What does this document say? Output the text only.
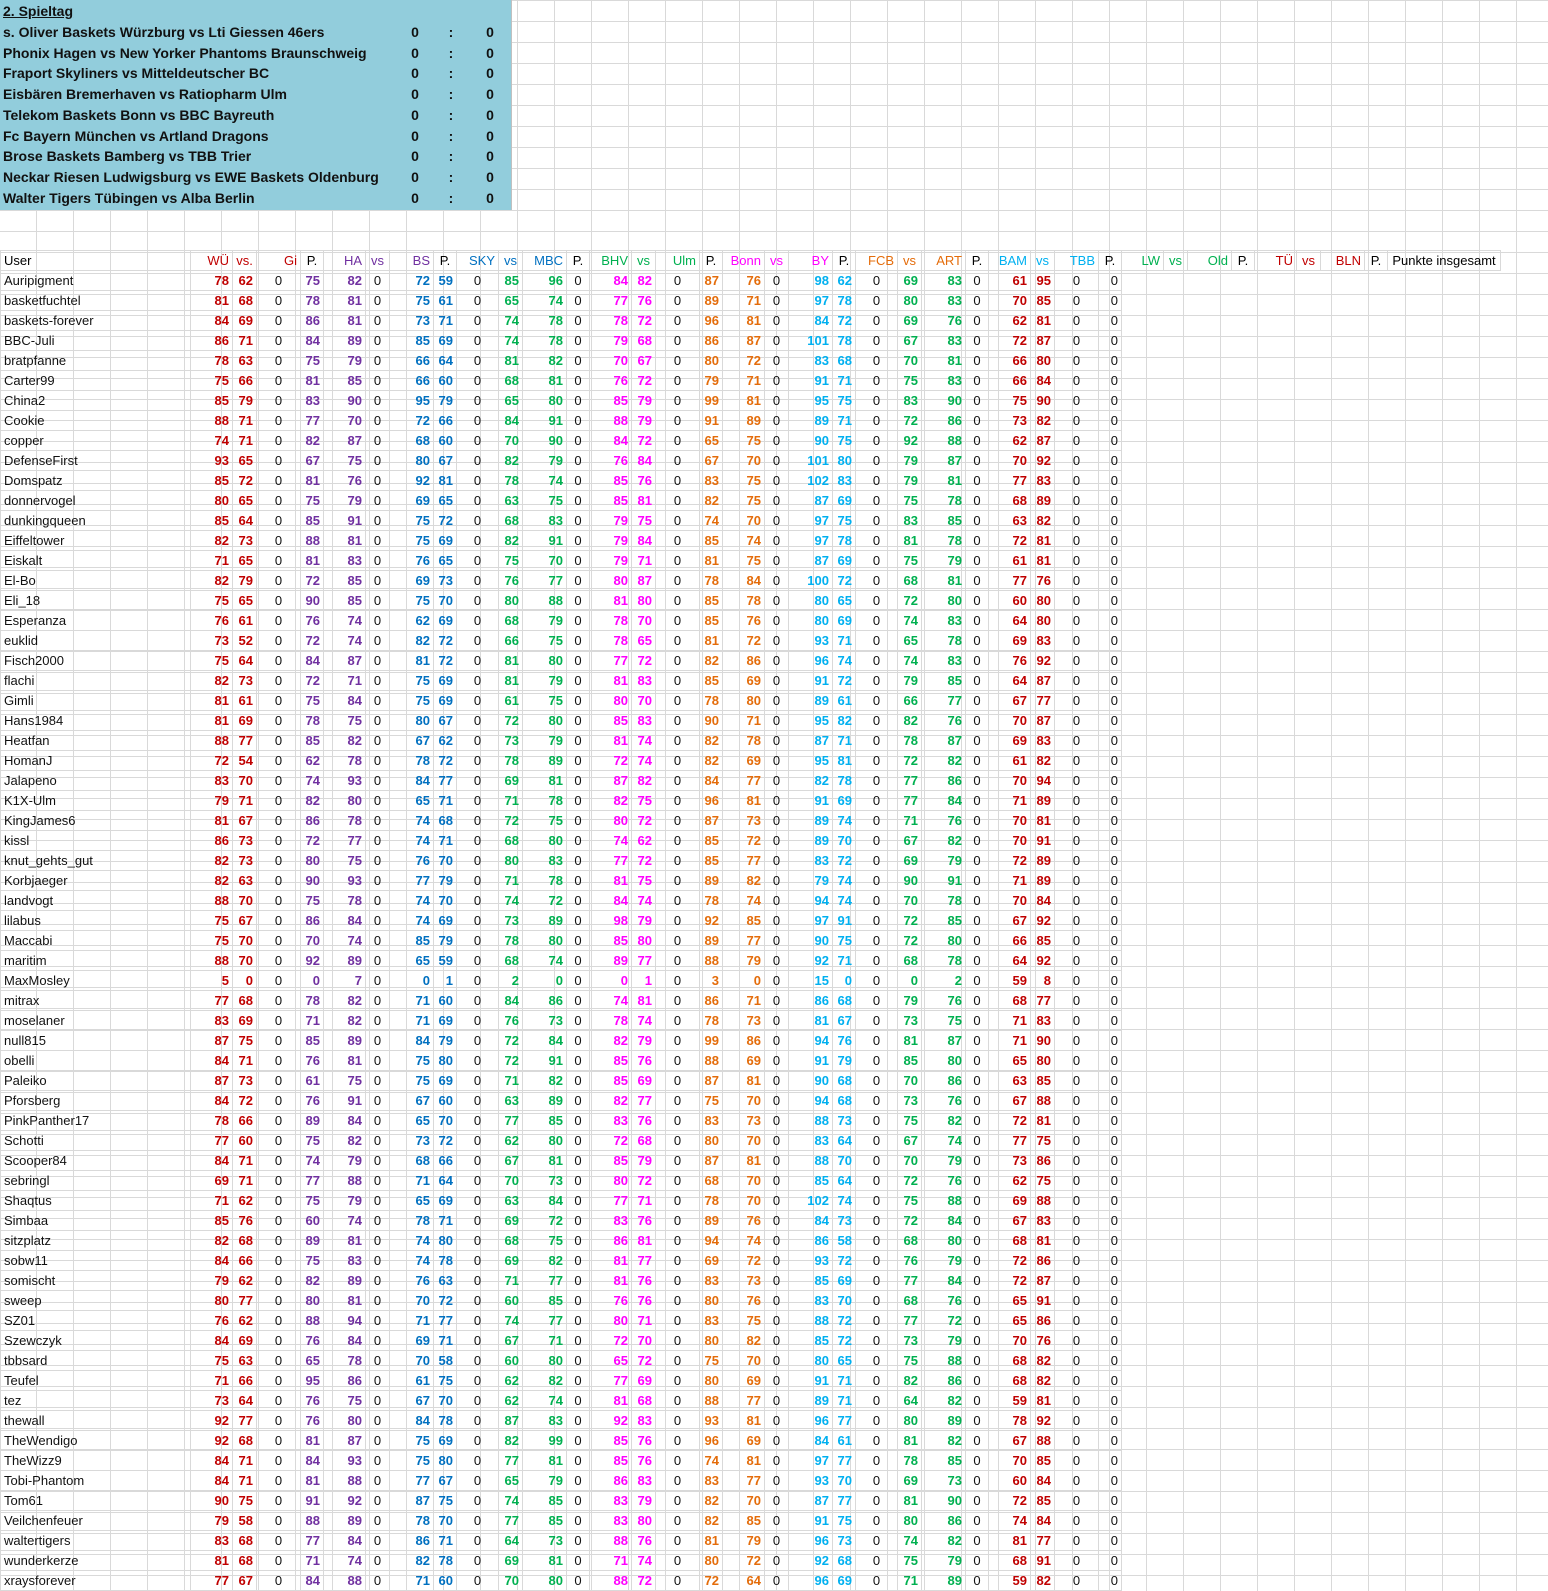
2. Spieltag
s. Oliver Baskets Würzburg vs Lti Giessen 46ers	0	:	0
Phonix Hagen vs New Yorker Phantoms Braunschweig	0	:	0
Fraport Skyliners vs Mitteldeutscher BC	0	:	0
Eisbären Bremerhaven vs Ratiopharm Ulm	0	:	0
Telekom Baskets Bonn vs BBC Bayreuth	0	:	0
Fc Bayern München vs Artland Dragons	0	:	0
Brose Baskets Bamberg vs TBB Trier	0	:	0
Neckar Riesen Ludwigsburg vs EWE Baskets Oldenburg	0	:	0
Walter Tigers Tübingen vs Alba Berlin	0	:	0
User	WÜ	vs.	Gi	P.	HA	vs	BS	P.	SKY	vs	MBC	P.	BHV	vs	Ulm	P.	Bonn	vs	BY	P.	FCB	vs	ART	P.	BAM	vs	TBB	P.	LW	vs	Old	P.	TÜ	vs	BLN	P.	Punkte insgesamt
Auripigment	78	62	0	75	82	0	72	59	0	85	96	0	84	82	0	87	76	0	98	62	0	69	83	0	61	95	0	0									
basketfuchtel	81	68	0	78	81	0	75	61	0	65	74	0	77	76	0	89	71	0	97	78	0	80	83	0	70	85	0	0									
baskets-forever	84	69	0	86	81	0	73	71	0	74	78	0	78	72	0	96	81	0	84	72	0	69	76	0	62	81	0	0									
BBC-Juli	86	71	0	84	89	0	85	69	0	74	78	0	79	68	0	86	87	0	101	78	0	67	83	0	72	87	0	0									
bratpfanne	78	63	0	75	79	0	66	64	0	81	82	0	70	67	0	80	72	0	83	68	0	70	81	0	66	80	0	0									
Carter99	75	66	0	81	85	0	66	60	0	68	81	0	76	72	0	79	71	0	91	71	0	75	83	0	66	84	0	0									
China2	85	79	0	83	90	0	95	79	0	65	80	0	85	79	0	99	81	0	95	75	0	83	90	0	75	90	0	0									
Cookie	88	71	0	77	70	0	72	66	0	84	91	0	88	79	0	91	89	0	89	71	0	72	86	0	73	82	0	0									
copper	74	71	0	82	87	0	68	60	0	70	90	0	84	72	0	65	75	0	90	75	0	92	88	0	62	87	0	0									
DefenseFirst	93	65	0	67	75	0	80	67	0	82	79	0	76	84	0	67	70	0	101	80	0	79	87	0	70	92	0	0									
Domspatz	85	72	0	81	76	0	92	81	0	78	74	0	85	76	0	83	75	0	102	83	0	79	81	0	77	83	0	0									
donnervogel	80	65	0	75	79	0	69	65	0	63	75	0	85	81	0	82	75	0	87	69	0	75	78	0	68	89	0	0									
dunkingqueen	85	64	0	85	91	0	75	72	0	68	83	0	79	75	0	74	70	0	97	75	0	83	85	0	63	82	0	0									
Eiffeltower	82	73	0	88	81	0	75	69	0	82	91	0	79	84	0	85	74	0	97	78	0	81	78	0	72	81	0	0									
Eiskalt	71	65	0	81	83	0	76	65	0	75	70	0	79	71	0	81	75	0	87	69	0	75	79	0	61	81	0	0									
El-Bo	82	79	0	72	85	0	69	73	0	76	77	0	80	87	0	78	84	0	100	72	0	68	81	0	77	76	0	0									
Eli_18	75	65	0	90	85	0	75	70	0	80	88	0	81	80	0	85	78	0	80	65	0	72	80	0	60	80	0	0									
Esperanza	76	61	0	76	74	0	62	69	0	68	79	0	78	70	0	85	76	0	80	69	0	74	83	0	64	80	0	0									
euklid	73	52	0	72	74	0	82	72	0	66	75	0	78	65	0	81	72	0	93	71	0	65	78	0	69	83	0	0									
Fisch2000	75	64	0	84	87	0	81	72	0	81	80	0	77	72	0	82	86	0	96	74	0	74	83	0	76	92	0	0									
flachi	82	73	0	72	71	0	75	69	0	81	79	0	81	83	0	85	69	0	91	72	0	79	85	0	64	87	0	0									
Gimli	81	61	0	75	84	0	75	69	0	61	75	0	80	70	0	78	80	0	89	61	0	66	77	0	67	77	0	0									
Hans1984	81	69	0	78	75	0	80	67	0	72	80	0	85	83	0	90	71	0	95	82	0	82	76	0	70	87	0	0									
Heatfan	88	77	0	85	82	0	67	62	0	73	79	0	81	74	0	82	78	0	87	71	0	78	87	0	69	83	0	0									
HomanJ	72	54	0	62	78	0	78	72	0	78	89	0	72	74	0	82	69	0	95	81	0	72	82	0	61	82	0	0									
Jalapeno	83	70	0	74	93	0	84	77	0	69	81	0	87	82	0	84	77	0	82	78	0	77	86	0	70	94	0	0									
K1X-Ulm	79	71	0	82	80	0	65	71	0	71	78	0	82	75	0	96	81	0	91	69	0	77	84	0	71	89	0	0									
KingJames6	81	67	0	86	78	0	74	68	0	72	75	0	80	72	0	87	73	0	89	74	0	71	76	0	70	81	0	0									
kissl	86	73	0	72	77	0	74	71	0	68	80	0	74	62	0	85	72	0	89	70	0	67	82	0	70	91	0	0									
knut_gehts_gut	82	73	0	80	75	0	76	70	0	80	83	0	77	72	0	85	77	0	83	72	0	69	79	0	72	89	0	0									
Korbjaeger	82	63	0	90	93	0	77	79	0	71	78	0	81	75	0	89	82	0	79	74	0	90	91	0	71	89	0	0									
landvogt	88	70	0	75	78	0	74	70	0	74	72	0	84	74	0	78	74	0	94	74	0	70	78	0	70	84	0	0									
lilabus	75	67	0	86	84	0	74	69	0	73	89	0	98	79	0	92	85	0	97	91	0	72	85	0	67	92	0	0									
Maccabi	75	70	0	70	74	0	85	79	0	78	80	0	85	80	0	89	77	0	90	75	0	72	80	0	66	85	0	0									
maritim	88	70	0	92	89	0	65	59	0	68	74	0	89	77	0	88	79	0	92	71	0	68	78	0	64	92	0	0									
MaxMosley	5	0	0	0	7	0	0	1	0	2	0	0	0	1	0	3	0	0	15	0	0	0	2	0	59	8	0	0									
mitrax	77	68	0	78	82	0	71	60	0	84	86	0	74	81	0	86	71	0	86	68	0	79	76	0	68	77	0	0									
moselaner	83	69	0	71	82	0	71	69	0	76	73	0	78	74	0	78	73	0	81	67	0	73	75	0	71	83	0	0									
null815	87	75	0	85	89	0	84	79	0	72	84	0	82	79	0	99	86	0	94	76	0	81	87	0	71	90	0	0									
obelli	84	71	0	76	81	0	75	80	0	72	91	0	85	76	0	88	69	0	91	79	0	85	80	0	65	80	0	0									
Paleiko	87	73	0	61	75	0	75	69	0	71	82	0	85	69	0	87	81	0	90	68	0	70	86	0	63	85	0	0									
Pforsberg	84	72	0	76	91	0	67	60	0	63	89	0	82	77	0	75	70	0	94	68	0	73	76	0	67	88	0	0									
PinkPanther17	78	66	0	89	84	0	65	70	0	77	85	0	83	76	0	83	73	0	88	73	0	75	82	0	72	81	0	0									
Schotti	77	60	0	75	82	0	73	72	0	62	80	0	72	68	0	80	70	0	83	64	0	67	74	0	77	75	0	0									
Scooper84	84	71	0	74	79	0	68	66	0	67	81	0	85	79	0	87	81	0	88	70	0	70	79	0	73	86	0	0									
sebringl	69	71	0	77	88	0	71	64	0	70	73	0	80	72	0	68	70	0	85	64	0	72	76	0	62	75	0	0									
Shaqtus	71	62	0	75	79	0	65	69	0	63	84	0	77	71	0	78	70	0	102	74	0	75	88	0	69	88	0	0									
Simbaa	85	76	0	60	74	0	78	71	0	69	72	0	83	76	0	89	76	0	84	73	0	72	84	0	67	83	0	0									
sitzplatz	82	68	0	89	81	0	74	80	0	68	75	0	86	81	0	94	74	0	86	58	0	68	80	0	68	81	0	0									
sobw11	84	66	0	75	83	0	74	78	0	69	82	0	81	77	0	69	72	0	93	72	0	76	79	0	72	86	0	0									
somischt	79	62	0	82	89	0	76	63	0	71	77	0	81	76	0	83	73	0	85	69	0	77	84	0	72	87	0	0									
sweep	80	77	0	80	81	0	70	72	0	60	85	0	76	76	0	80	76	0	83	70	0	68	76	0	65	91	0	0									
SZ01	76	62	0	88	94	0	71	77	0	74	77	0	80	71	0	83	75	0	88	72	0	77	72	0	65	86	0	0									
Szewczyk	84	69	0	76	84	0	69	71	0	67	71	0	72	70	0	80	82	0	85	72	0	73	79	0	70	76	0	0									
tbbsard	75	63	0	65	78	0	70	58	0	60	80	0	65	72	0	75	70	0	80	65	0	75	88	0	68	82	0	0									
Teufel	71	66	0	95	86	0	61	75	0	62	82	0	77	69	0	80	69	0	91	71	0	82	86	0	68	82	0	0									
tez	73	64	0	76	75	0	67	70	0	62	74	0	81	68	0	88	77	0	89	71	0	64	82	0	59	81	0	0									
thewall	92	77	0	76	80	0	84	78	0	87	83	0	92	83	0	93	81	0	96	77	0	80	89	0	78	92	0	0									
TheWendigo	92	68	0	81	87	0	75	69	0	82	99	0	85	76	0	96	69	0	84	61	0	81	82	0	67	88	0	0									
TheWizz9	84	71	0	84	93	0	75	80	0	77	81	0	85	76	0	74	81	0	97	77	0	78	85	0	70	85	0	0									
Tobi-Phantom	84	71	0	81	88	0	77	67	0	65	79	0	86	83	0	83	77	0	93	70	0	69	73	0	60	84	0	0									
Tom61	90	75	0	91	92	0	87	75	0	74	85	0	83	79	0	82	70	0	87	77	0	81	90	0	72	85	0	0									
Veilchenfeuer	79	58	0	88	89	0	78	70	0	77	85	0	83	80	0	82	85	0	91	75	0	80	86	0	74	84	0	0									
waltertigers	83	68	0	77	84	0	86	71	0	64	73	0	88	76	0	81	79	0	96	73	0	74	82	0	81	77	0	0									
wunderkerze	81	68	0	71	74	0	82	78	0	69	81	0	71	74	0	80	72	0	92	68	0	75	79	0	68	91	0	0									
xraysforever	77	67	0	84	88	0	71	60	0	70	80	0	88	72	0	72	64	0	96	69	0	71	89	0	59	82	0	0									
